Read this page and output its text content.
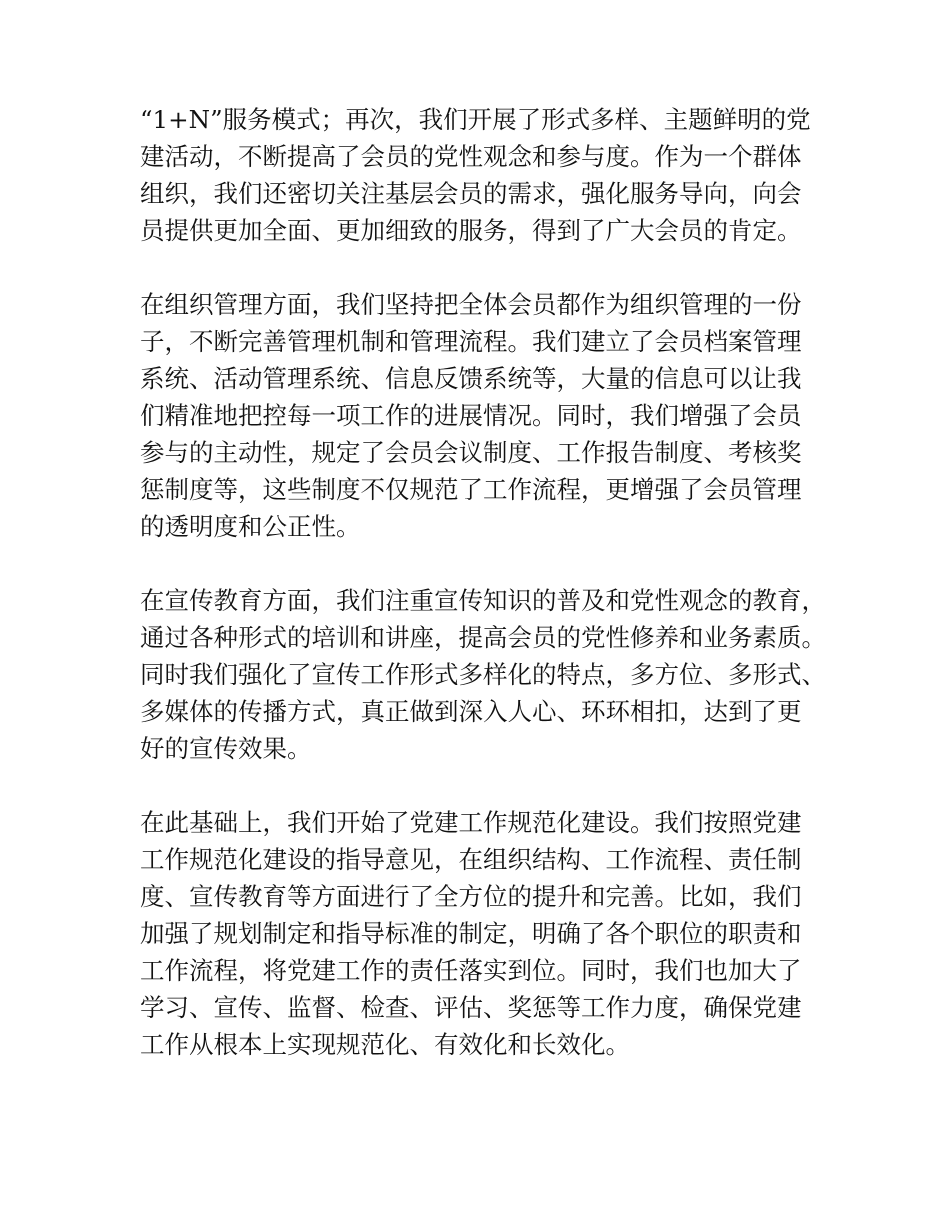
“1+N”服务模式；再次，我们开展了形式多样、主题鲜明的党
建活动，不断提高了会员的党性观念和参与度。作为一个群体
组织，我们还密切关注基层会员的需求，强化服务导向，向会
员提供更加全面、更加细致的服务，得到了广大会员的肯定。

在组织管理方面，我们坚持把全体会员都作为组织管理的一份
子，不断完善管理机制和管理流程。我们建立了会员档案管理
系统、活动管理系统、信息反馈系统等，大量的信息可以让我
们精准地把控每一项工作的进展情况。同时，我们增强了会员
参与的主动性，规定了会员会议制度、工作报告制度、考核奖
惩制度等，这些制度不仅规范了工作流程，更增强了会员管理
的透明度和公正性。

在宣传教育方面，我们注重宣传知识的普及和党性观念的教育，
通过各种形式的培训和讲座，提高会员的党性修养和业务素质。
同时我们强化了宣传工作形式多样化的特点，多方位、多形式、
多媒体的传播方式，真正做到深入人心、环环相扣，达到了更
好的宣传效果。

在此基础上，我们开始了党建工作规范化建设。我们按照党建
工作规范化建设的指导意见，在组织结构、工作流程、责任制
度、宣传教育等方面进行了全方位的提升和完善。比如，我们
加强了规划制定和指导标准的制定，明确了各个职位的职责和
工作流程，将党建工作的责任落实到位。同时，我们也加大了
学习、宣传、监督、检查、评估、奖惩等工作力度，确保党建
工作从根本上实现规范化、有效化和长效化。
